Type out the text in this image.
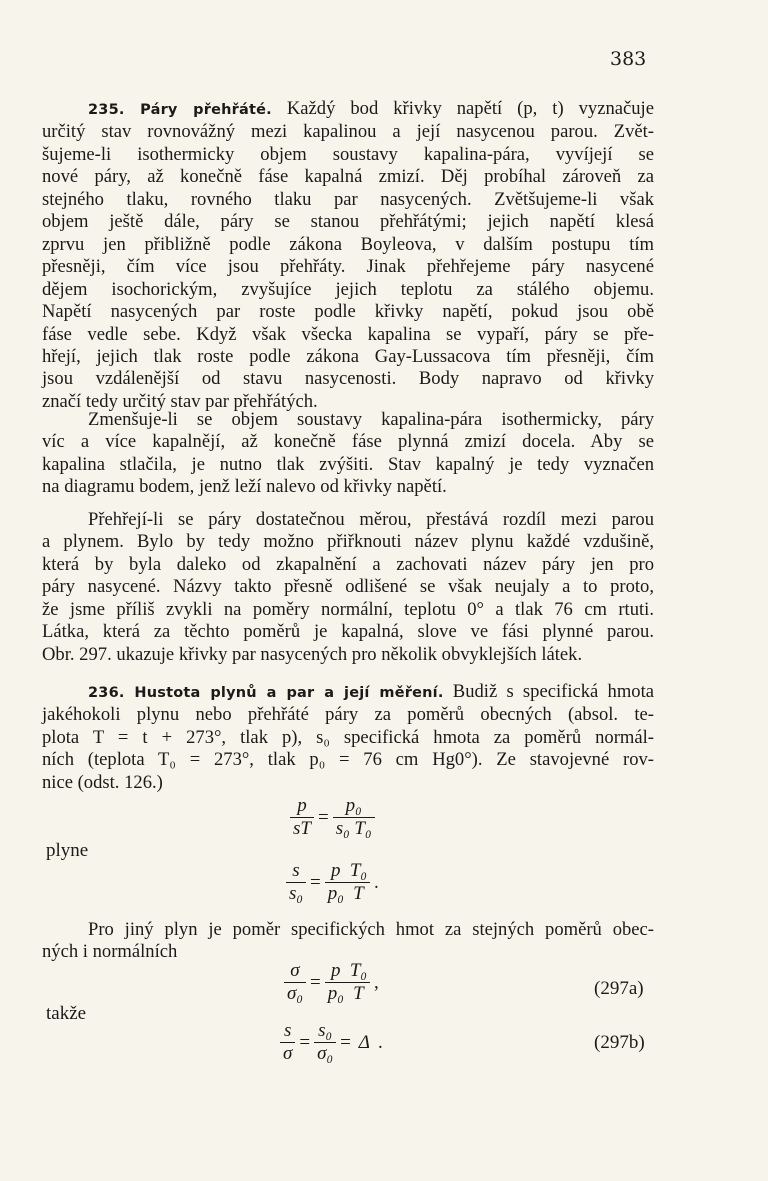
383
235. Páry přehřáté. Každý bod křivky napětí (p, t) vyznačuje
určitý stav rovnovážný mezi kapalinou a její nasycenou parou. Zvět-
šujeme-li isothermicky objem soustavy kapalina-pára, vyvíjejí se
nové páry, až konečně fáse kapalná zmizí. Děj probíhal zároveň za
stejného tlaku, rovného tlaku par nasycených. Zvětšujeme-li však
objem ještě dále, páry se stanou přehřátými; jejich napětí klesá
zprvu jen přibližně podle zákona Boyleova, v dalším postupu tím
přesněji, čím více jsou přehřáty. Jinak přehřejeme páry nasycené
dějem isochorickým, zvyšujíce jejich teplotu za stálého objemu.
Napětí nasycených par roste podle křivky napětí, pokud jsou obě
fáse vedle sebe. Když však všecka kapalina se vypaří, páry se pře-
hřejí, jejich tlak roste podle zákona Gay-Lussacova tím přesněji, čím
jsou vzdálenější od stavu nasycenosti. Body napravo od křivky
značí tedy určitý stav par přehřátých.
Zmenšuje-li se objem soustavy kapalina-pára isothermicky, páry
víc a více kapalnějí, až konečně fáse plynná zmizí docela. Aby se
kapalina stlačila, je nutno tlak zvýšiti. Stav kapalný je tedy vyznačen
na diagramu bodem, jenž leží nalevo od křivky napětí.
Přehřejí-li se páry dostatečnou měrou, přestává rozdíl mezi parou
a plynem. Bylo by tedy možno přiřknouti název plynu každé vzdušině,
která by byla daleko od zkapalnění a zachovati název páry jen pro
páry nasycené. Názvy takto přesně odlišené se však neujaly a to proto,
že jsme příliš zvykli na poměry normální, teplotu 0° a tlak 76 cm rtuti.
Látka, která za těchto poměrů je kapalná, slove ve fási plynné parou.
Obr. 297. ukazuje křivky par nasycených pro několik obvyklejších látek.
236. Hustota plynů a par a její měření. Budiž s specifická hmota
jakéhokoli plynu nebo přehřáté páry za poměrů obecných (absol. te-
plota T = t + 273°, tlak p), s₀ specifická hmota za poměrů normál-
ních (teplota T₀ = 273°, tlak p₀ = 76 cm Hg0°). Ze stavojevné rov-
nice (odst. 126.)
$\frac{p}{sT} = \frac{\text{p₀}}{\text{s₀ T₀}}$
plyne
$\frac{s}{\text{s₀}} = \frac{p}{\text{p₀}} \frac{\text{T₀}}{T}$ .
Pro jiný plyn je poměr specifických hmot za stejných poměrů obec-
ných i normálních
$\frac{\sigma}{\text{σ₀}} = \frac{p}{\text{p₀}} \frac{\text{T₀}}{T}$ ,	(297a)
takže
$\frac{s}{\sigma} = \frac{\text{s₀}}{\text{σ₀}} = \Delta$ .	(297b)
